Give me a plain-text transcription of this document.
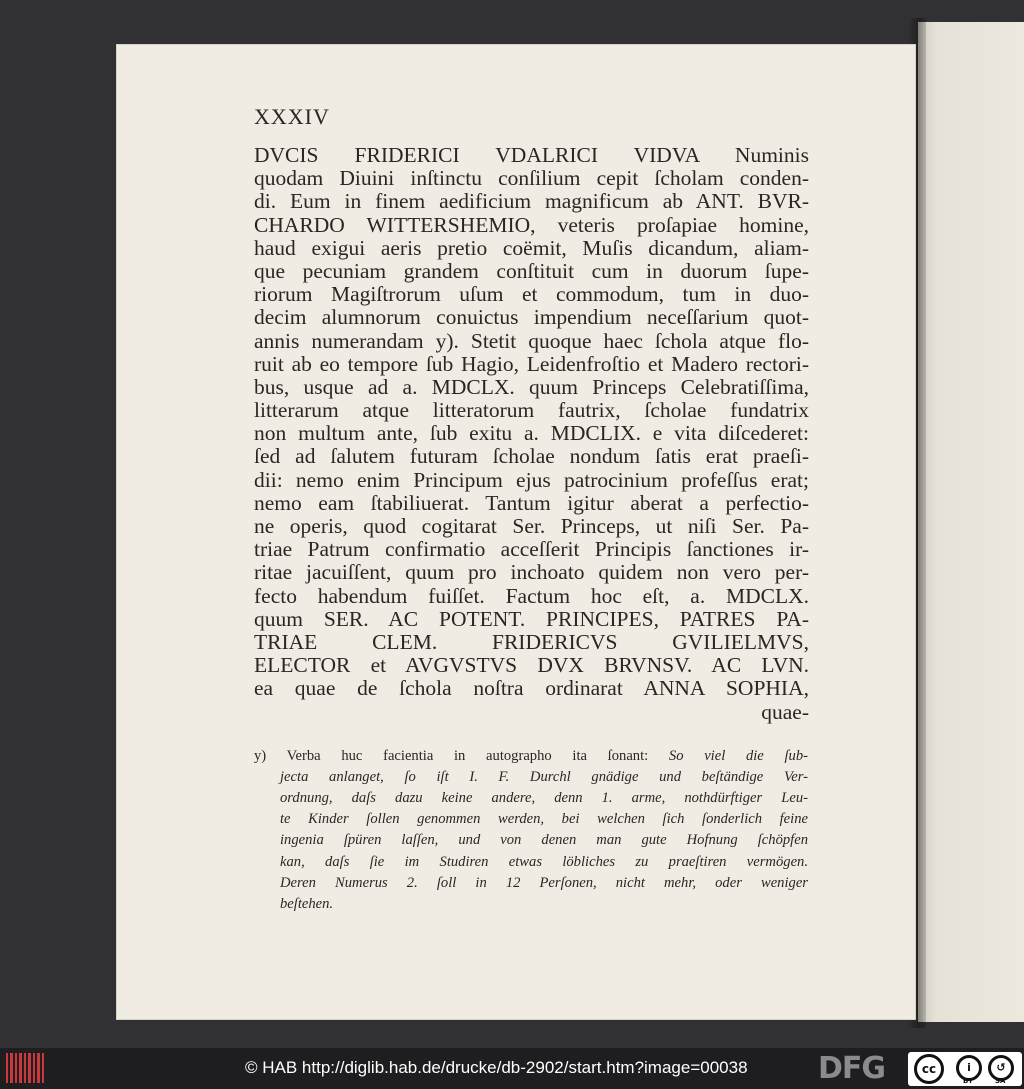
XXXIV
DVCIS FRIDERICI VDALRICI VIDVA Numinis
quodam Diuini inſtinctu conſilium cepit ſcholam conden-
di. Eum in finem aedificium magnificum ab ANT. BVR-
CHARDO WITTERSHEMIO, veteris proſapiae homine,
haud exigui aeris pretio coëmit, Muſis dicandum, aliam-
que pecuniam grandem conſtituit cum in duorum ſupe-
riorum Magiſtrorum uſum et commodum, tum in duo-
decim alumnorum conuictus impendium neceſſarium quot-
annis numerandam y). Stetit quoque haec ſchola atque flo-
ruit ab eo tempore ſub Hagio, Leidenfroſtio et Madero rectori-
bus, usque ad a. MDCLX. quum Princeps Celebratiſſima,
litterarum atque litteratorum fautrix, ſcholae fundatrix
non multum ante, ſub exitu a. MDCLIX. e vita diſcederet:
ſed ad ſalutem futuram ſcholae nondum ſatis erat praeſi-
dii: nemo enim Principum ejus patrocinium profeſſus erat;
nemo eam ſtabiliuerat. Tantum igitur aberat a perfectio-
ne operis, quod cogitarat Ser. Princeps, ut niſi Ser. Pa-
triae Patrum confirmatio acceſſerit Principis ſanctiones ir-
ritae jacuiſſent, quum pro inchoato quidem non vero per-
fecto habendum fuiſſet. Factum hoc eſt, a. MDCLX.
quum SER. AC POTENT. PRINCIPES, PATRES PA-
TRIAE CLEM. FRIDERICVS GVILIELMVS,
ELECTOR et AVGVSTVS DVX BRVNSV. AC LVN.
ea quae de ſchola noſtra ordinarat ANNA SOPHIA,
quae-
y) Verba huc facientia in autographo ita ſonant: So viel die ſub-
jecta anlanget, ſo iſt I. F. Durchl gnädige und beſtändige Ver-
ordnung, daſs dazu keine andere, denn 1. arme, nothdürftiger Leu-
te Kinder ſollen genommen werden, bei welchen ſich ſonderlich feine
ingenia ſpüren laſſen, und von denen man gute Hofnung ſchöpfen
kan, daſs ſie im Studiren etwas löbliches zu praeſtiren vermögen.
Deren Numerus 2. ſoll in 12 Perſonen, nicht mehr, oder weniger
beſtehen.
© HAB http://diglib.hab.de/drucke/db-2902/start.htm?image=00038 DFG	cc	i	↺
BY	SA
